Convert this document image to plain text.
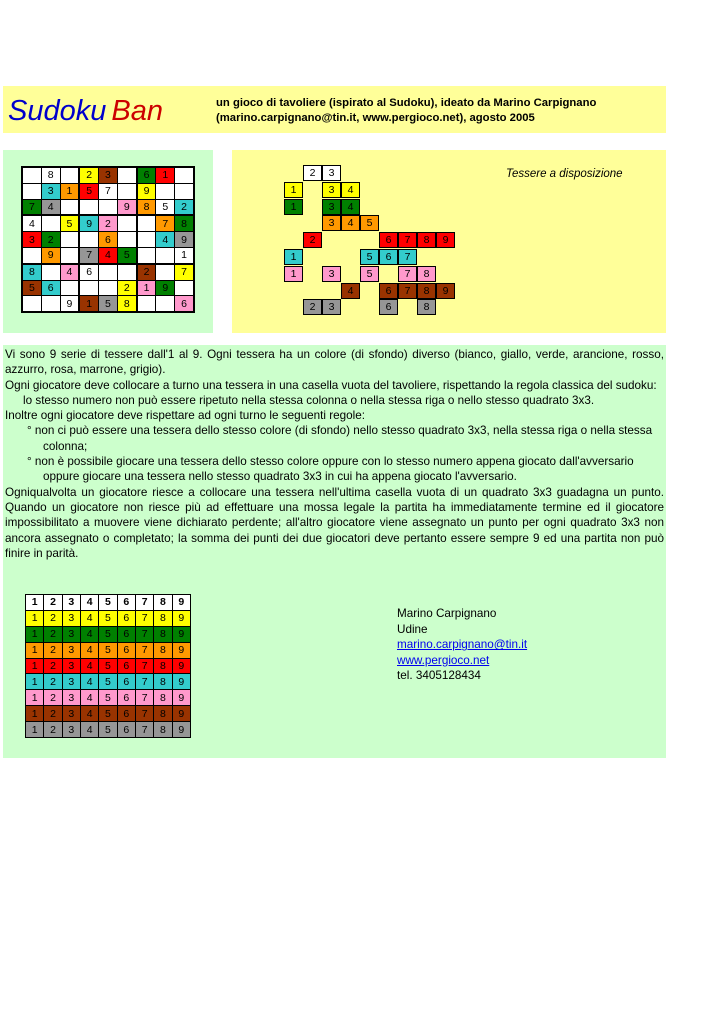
Sudoku Ban	un gioco di tavoliere (ispirato al Sudoku), ideato da Marino Carpignano
(marino.carpignano@tin.it, www.pergioco.net), agosto 2005
	8		2	3		6	1	
	3	1	5	7		9		
7	4				9	8	5	2
4		5	9	2			7	8
3	2			6			4	9
	9		7	4	5			1
8		4	6			2		7
5	6				2	1	9	
		9	1	5	8			6
Tessere a disposizione
2	3
1	3	4
1	3	4
3	4	5
2	6	7	8	9
1	5	6	7
1	3	5	7	8
4	6	7	8	9
2	3	6	8

Vi sono 9 serie di tessere dall'1 al 9. Ogni tessera ha un colore (di sfondo) diverso (bianco, giallo, verde, arancione, rosso, azzurro, rosa, marrone, grigio).

Ogni giocatore deve collocare a turno una tessera in una casella vuota del tavoliere, rispettando la regola classica del sudoku:

lo stesso numero non può essere ripetuto nella stessa colonna o nella stessa riga o nello stesso quadrato 3x3.

Inoltre ogni giocatore deve rispettare ad ogni turno le seguenti regole:

° non ci può essere una tessera dello stesso colore (di sfondo) nello stesso quadrato 3x3, nella stessa riga o nella stessa colonna;

° non è possibile giocare una tessera dello stesso colore oppure con lo stesso numero appena giocato dall'avversario oppure giocare una tessera nello stesso quadrato 3x3 in cui ha appena giocato l'avversario.

Ogniqualvolta un giocatore riesce a collocare una tessera nell'ultima casella vuota di un quadrato 3x3 guadagna un punto. Quando un giocatore non riesce più ad effettuare una mossa legale la partita ha immediatamente termine ed il giocatore impossibilitato a muovere viene dichiarato perdente; all'altro giocatore viene assegnato un punto per ogni quadrato 3x3 non ancora assegnato o completato; la somma dei punti dei due giocatori deve pertanto essere sempre 9 ed una partita non può finire in parità.

1	2	3	4	5	6	7	8	9
1	2	3	4	5	6	7	8	9
1	2	3	4	5	6	7	8	9
1	2	3	4	5	6	7	8	9
1	2	3	4	5	6	7	8	9
1	2	3	4	5	6	7	8	9
1	2	3	4	5	6	7	8	9
1	2	3	4	5	6	7	8	9
1	2	3	4	5	6	7	8	9
Marino Carpignano
Udine
marino.carpignano@tin.it
www.pergioco.net
tel. 3405128434
